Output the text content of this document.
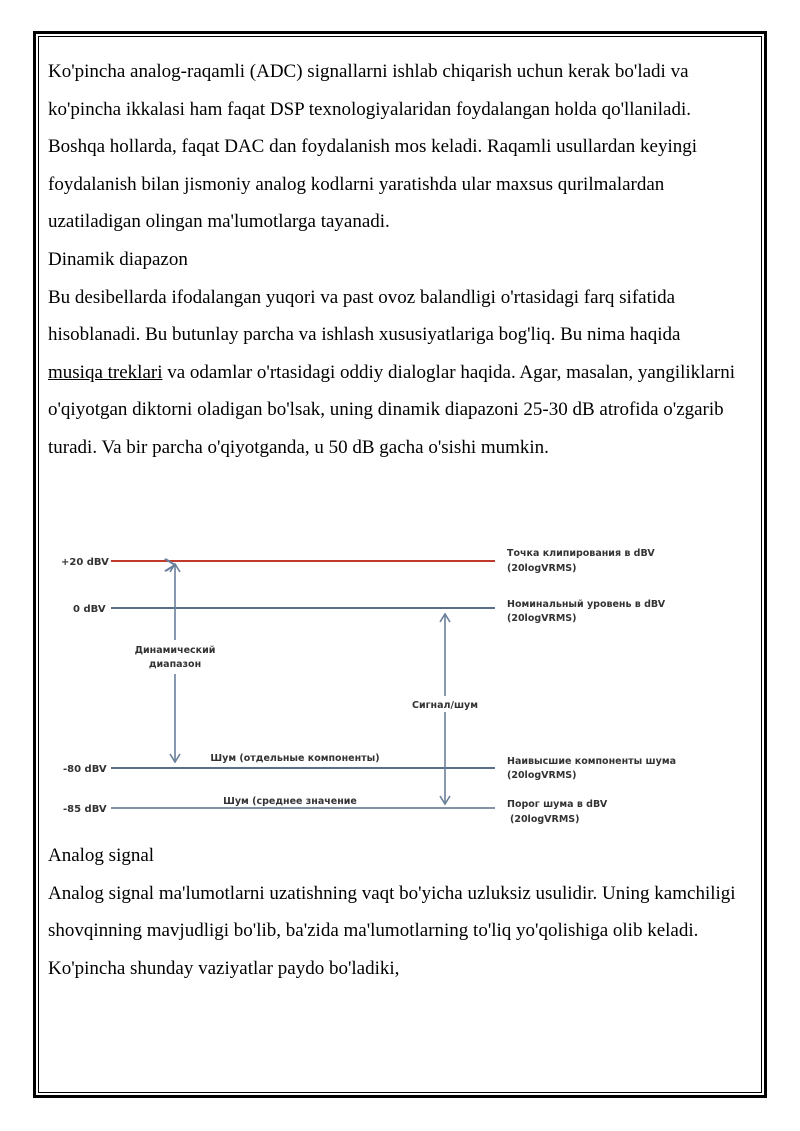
Ko'pincha analog-raqamli (ADC) signallarni ishlab chiqarish uchun kerak bo'ladi va ko'pincha ikkalasi ham faqat DSP texnologiyalaridan foydalangan holda qo'llaniladi. Boshqa hollarda, faqat DAC dan foydalanish mos keladi. Raqamli usullardan keyingi foydalanish bilan jismoniy analog kodlarni yaratishda ular maxsus qurilmalardan uzatiladigan olingan ma'lumotlarga tayanadi.

Dinamik diapazon

Bu desibellarda ifodalangan yuqori va past ovoz balandligi o'rtasidagi farq sifatida hisoblanadi. Bu butunlay parcha va ishlash xususiyatlariga bog'liq. Bu nima haqida musiqa treklari va odamlar o'rtasidagi oddiy dialoglar haqida. Agar, masalan, yangiliklarni o'qiyotgan diktorni oladigan bo'lsak, uning dinamik diapazoni 25-30 dB atrofida o'zgarib turadi. Va bir parcha o'qiyotganda, u 50 dB gacha o'sishi mumkin.

+20 dBV
0 dBV
-80 dBV
-85 dBV
Динамический
диапазон
Сигнал/шум
Шум (отдельные компоненты)
Шум (среднее значение
Точка клипирования в dBV
(20logVRMS)
Номинальный уровень в dBV
(20logVRMS)
Наивысшие компоненты шума
(20logVRMS)
Порог шума в dBV
(20logVRMS)

Analog signal

Analog signal ma'lumotlarni uzatishning vaqt bo'yicha uzluksiz usulidir. Uning kamchiligi shovqinning mavjudligi bo'lib, ba'zida ma'lumotlarning to'liq yo'qolishiga olib keladi. Ko'pincha shunday vaziyatlar paydo bo'ladiki,
